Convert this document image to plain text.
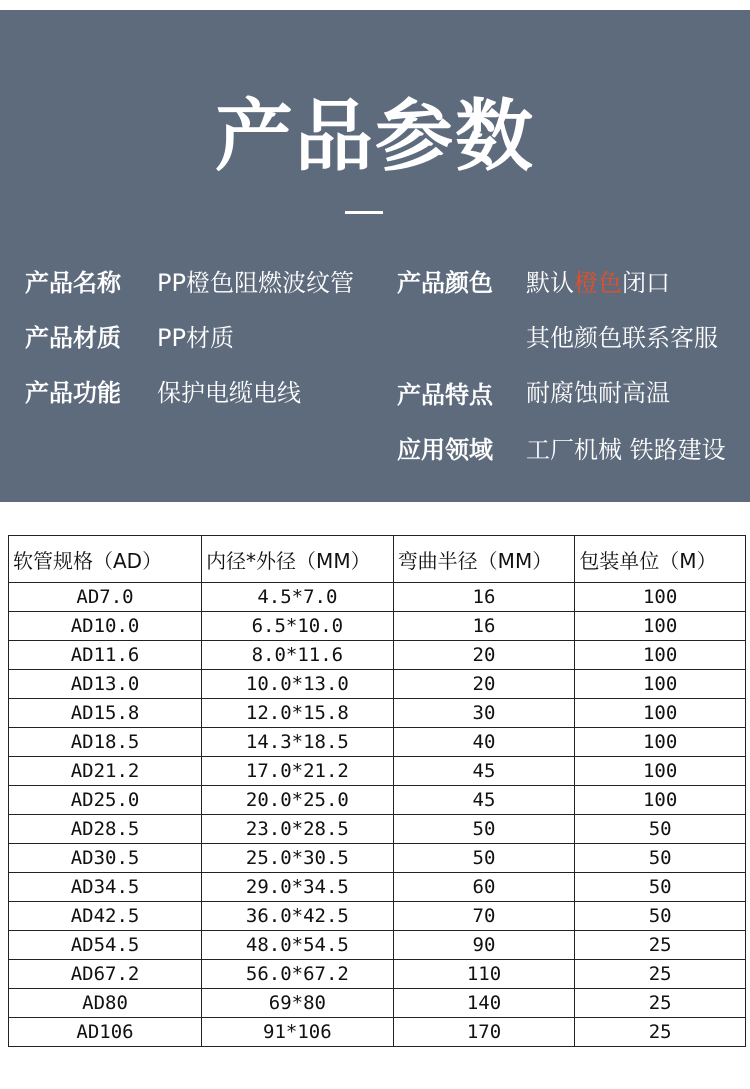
产品参数
产品名称 PP橙色阻燃波纹管 产品颜色 默认橙色闭口
产品材质 PP材质	其他颜色联系客服
产品功能 保护电缆电线	产品特点 耐腐蚀耐高温
应用领域 工厂机械 铁路建设
软管规格（AD）	内径*外径（MM）	弯曲半径（MM）	包装单位（M）
AD7.0	4.5*7.0	16	100
AD10.0	6.5*10.0	16	100
AD11.6	8.0*11.6	20	100
AD13.0	10.0*13.0	20	100
AD15.8	12.0*15.8	30	100
AD18.5	14.3*18.5	40	100
AD21.2	17.0*21.2	45	100
AD25.0	20.0*25.0	45	100
AD28.5	23.0*28.5	50	50
AD30.5	25.0*30.5	50	50
AD34.5	29.0*34.5	60	50
AD42.5	36.0*42.5	70	50
AD54.5	48.0*54.5	90	25
AD67.2	56.0*67.2	110	25
AD80	69*80	140	25
AD106	91*106	170	25
